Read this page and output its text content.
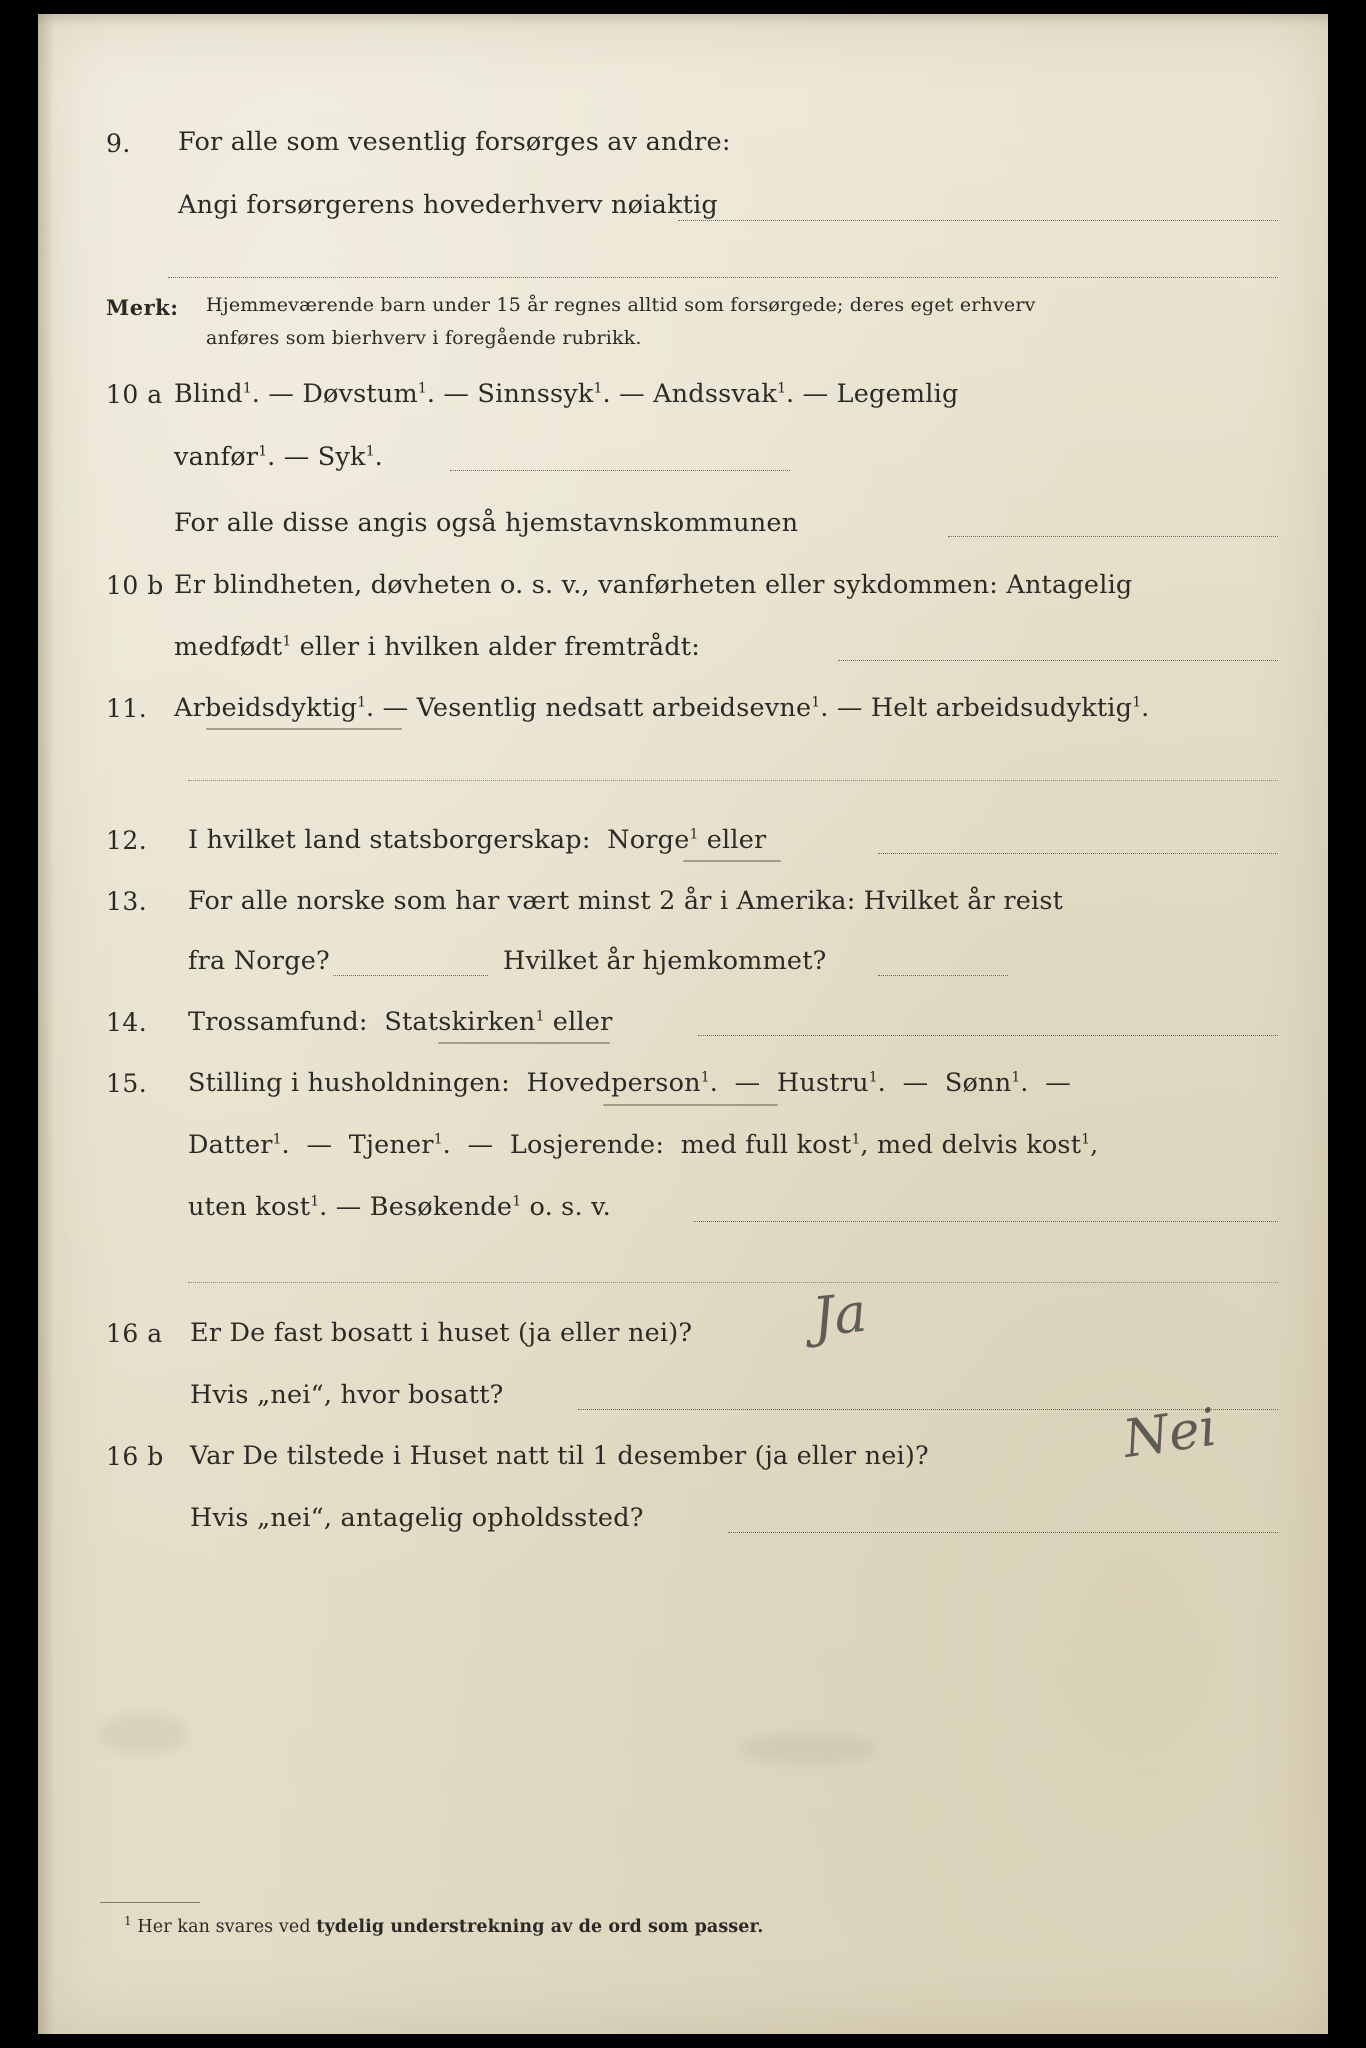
9. For alle som vesentlig forsørges av andre:
Angi forsørgerens hovederhverv nøiaktig
Merk: Hjemmeværende barn under 15 år regnes alltid som forsørgede; deres eget erhverv
anføres som bierhverv i foregående rubrikk.
10 a Blind$^1$. — Døvstum$^1$. — Sinnssyk$^1$. — Andssvak$^1$. — Legemlig
vanfør$^1$. — Syk$^1$.
For alle disse angis også hjemstavnskommunen
10 b Er blindheten, døvheten o. s. v., vanførheten eller sykdommen: Antagelig
medfødt$^1$ eller i hvilken alder fremtrådt:
11. Arbeidsdyktig$^1$. — Vesentlig nedsatt arbeidsevne$^1$. — Helt arbeidsudyktig$^1$.
12. I hvilket land statsborgerskap:  Norge$^1$ eller
13. For alle norske som har vært minst 2 år i Amerika: Hvilket år reist
fra Norge?	Hvilket år hjemkommet?
14. Trossamfund:  Statskirken$^1$ eller
15. Stilling i husholdningen:  Hovedperson$^1$.  —  Hustru$^1$.  —  Sønn$^1$.  —
Datter$^1$.  —  Tjener$^1$.  —  Losjerende:  med full kost$^1$, med delvis kost$^1$,
uten kost$^1$. — Besøkende$^1$ o. s. v.
16 a Er De fast bosatt i huset (ja eller nei)? Ja
Hvis „nei“, hvor bosatt?
16 b Var De tilstede i Huset natt til 1 desember (ja eller nei)?	Nei
Hvis „nei“, antagelig opholdssted?
$^1$ Her kan svares ved tydelig understrekning av de ord som passer.
